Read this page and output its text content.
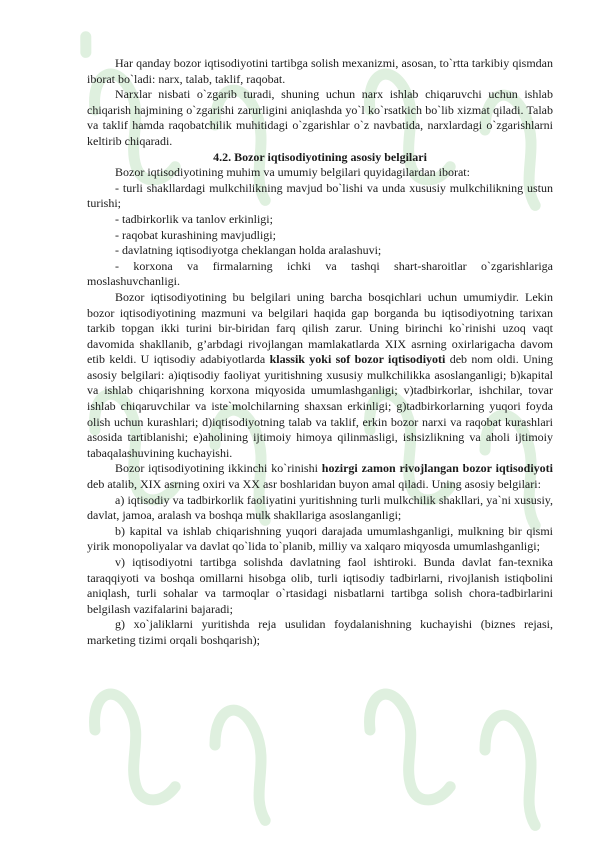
Har qanday bozor iqtisodiyotini tartibga solish mexanizmi, asosan, to`rtta tarkibiy qismdan iborat bo`ladi: narx, talab, taklif, raqobat.

Narxlar nisbati o`zgarib turadi, shuning uchun narx ishlab chiqaruvchi uchun ishlab chiqarish hajmining o`zgarishi zarurligini aniqlashda yo`l ko`rsatkich bo`lib xizmat qiladi. Talab va taklif hamda raqobatchilik muhitidagi o`zgarishlar o`z navbatida, narxlardagi o`zgarishlarni keltirib chiqaradi.

4.2. Bozor iqtisodiyotining asosiy belgilari

Bozor iqtisodiyotining muhim va umumiy belgilari quyidagilardan iborat:

- turli shakllardagi mulkchilikning mavjud bo`lishi va unda xususiy mulkchilikning ustun turishi;

- tadbirkorlik va tanlov erkinligi;

- raqobat kurashining mavjudligi;

- davlatning iqtisodiyotga cheklangan holda aralashuvi;

- korxona va firmalarning ichki va tashqi shart-sharoitlar o`zgarishlariga moslashuvchanligi.

Bozor iqtisodiyotining bu belgilari uning barcha bosqichlari uchun umumiydir. Lekin bozor iqtisodiyotining mazmuni va belgilari haqida gap borganda bu iqtisodiyotning tarixan tarkib topgan ikki turini bir-biridan farq qilish zarur. Uning birinchi ko`rinishi uzoq vaqt davomida shakllanib, g’arbdagi rivojlangan mamlakatlarda XIX asrning oxirlarigacha davom etib keldi. U iqtisodiy adabiyotlarda klassik yoki sof bozor iqtisodiyoti deb nom oldi. Uning asosiy belgilari: a)iqtisodiy faoliyat yuritishning xususiy mulkchilikka asoslanganligi; b)kapital va ishlab chiqarishning korxona miqyosida umumlashganligi; v)tadbirkorlar, ishchilar, tovar ishlab chiqaruvchilar va iste`molchilarning shaxsan erkinligi; g)tadbirkorlarning yuqori foyda olish uchun kurashlari; d)iqtisodiyotning talab va taklif, erkin bozor narxi va raqobat kurashlari asosida tartiblanishi; e)aholining ijtimoiy himoya qilinmasligi, ishsizlikning va aholi ijtimoiy tabaqalashuvining kuchayishi.

Bozor iqtisodiyotining ikkinchi ko`rinishi hozirgi zamon rivojlangan bozor iqtisodiyoti deb atalib, XIX asrning oxiri va XX asr boshlaridan buyon amal qiladi. Uning asosiy belgilari:

a) iqtisodiy va tadbirkorlik faoliyatini yuritishning turli mulkchilik shakllari, ya`ni xususiy, davlat, jamoa, aralash va boshqa mulk shakllariga asoslanganligi;

b) kapital va ishlab chiqarishning yuqori darajada umumlashganligi, mulkning bir qismi yirik monopoliyalar va davlat qo`lida to`planib, milliy va xalqaro miqyosda umumlashganligi;

v) iqtisodiyotni tartibga solishda davlatning faol ishtiroki. Bunda davlat fan-texnika taraqqiyoti va boshqa omillarni hisobga olib, turli iqtisodiy tadbirlarni, rivojlanish istiqbolini aniqlash, turli sohalar va tarmoqlar o`rtasidagi nisbatlarni tartibga solish chora-tadbirlarini belgilash vazifalarini bajaradi;

g) xo`jaliklarni yuritishda reja usulidan foydalanishning kuchayishi (biznes rejasi, marketing tizimi orqali boshqarish);
